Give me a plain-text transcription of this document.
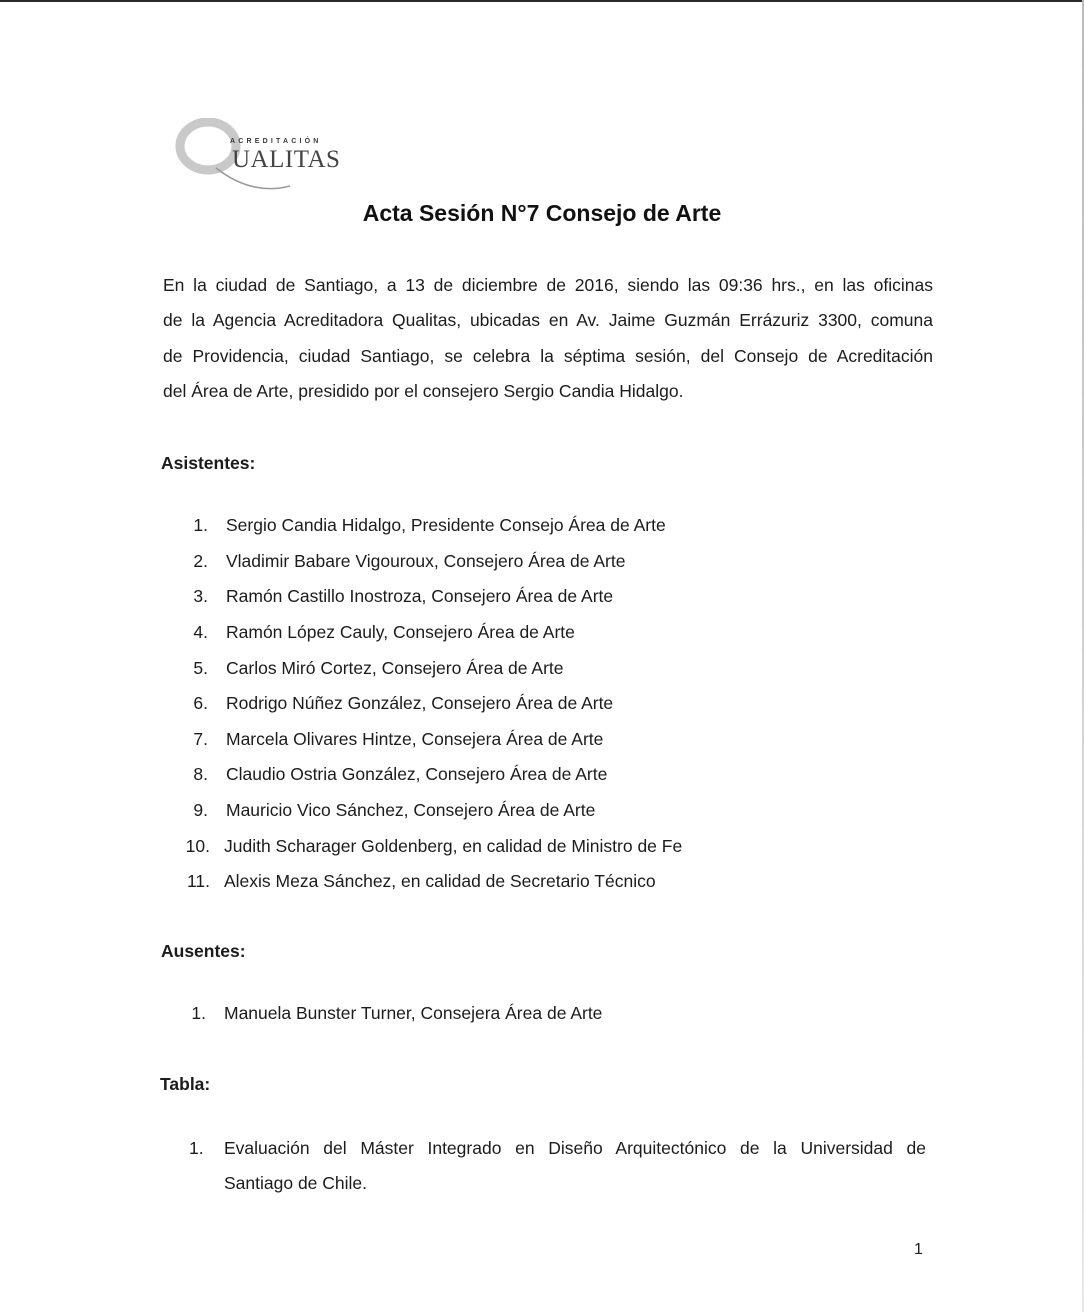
ACREDITACIÓN
UALITAS
Acta Sesión N°7 Consejo de Arte
En la ciudad de Santiago, a 13 de diciembre de 2016, siendo las 09:36 hrs., en las oficinas
de la Agencia Acreditadora Qualitas, ubicadas en Av. Jaime Guzmán Errázuriz 3300, comuna
de Providencia, ciudad Santiago, se celebra la séptima sesión, del Consejo de Acreditación
del Área de Arte, presidido por el consejero Sergio Candia Hidalgo.
Asistentes:
1. Sergio Candia Hidalgo, Presidente Consejo Área de Arte
2. Vladimir Babare Vigouroux, Consejero Área de Arte
3. Ramón Castillo Inostroza, Consejero Área de Arte
4. Ramón López Cauly, Consejero Área de Arte
5. Carlos Miró Cortez, Consejero Área de Arte
6. Rodrigo Núñez González, Consejero Área de Arte
7. Marcela Olivares Hintze, Consejera Área de Arte
8. Claudio Ostria González, Consejero Área de Arte
9. Mauricio Vico Sánchez, Consejero Área de Arte
10. Judith Scharager Goldenberg, en calidad de Ministro de Fe
11. Alexis Meza Sánchez, en calidad de Secretario Técnico
Ausentes:
1. Manuela Bunster Turner, Consejera Área de Arte
Tabla:
1. Evaluación del Máster Integrado en Diseño Arquitectónico de la Universidad de
Santiago de Chile.
1
